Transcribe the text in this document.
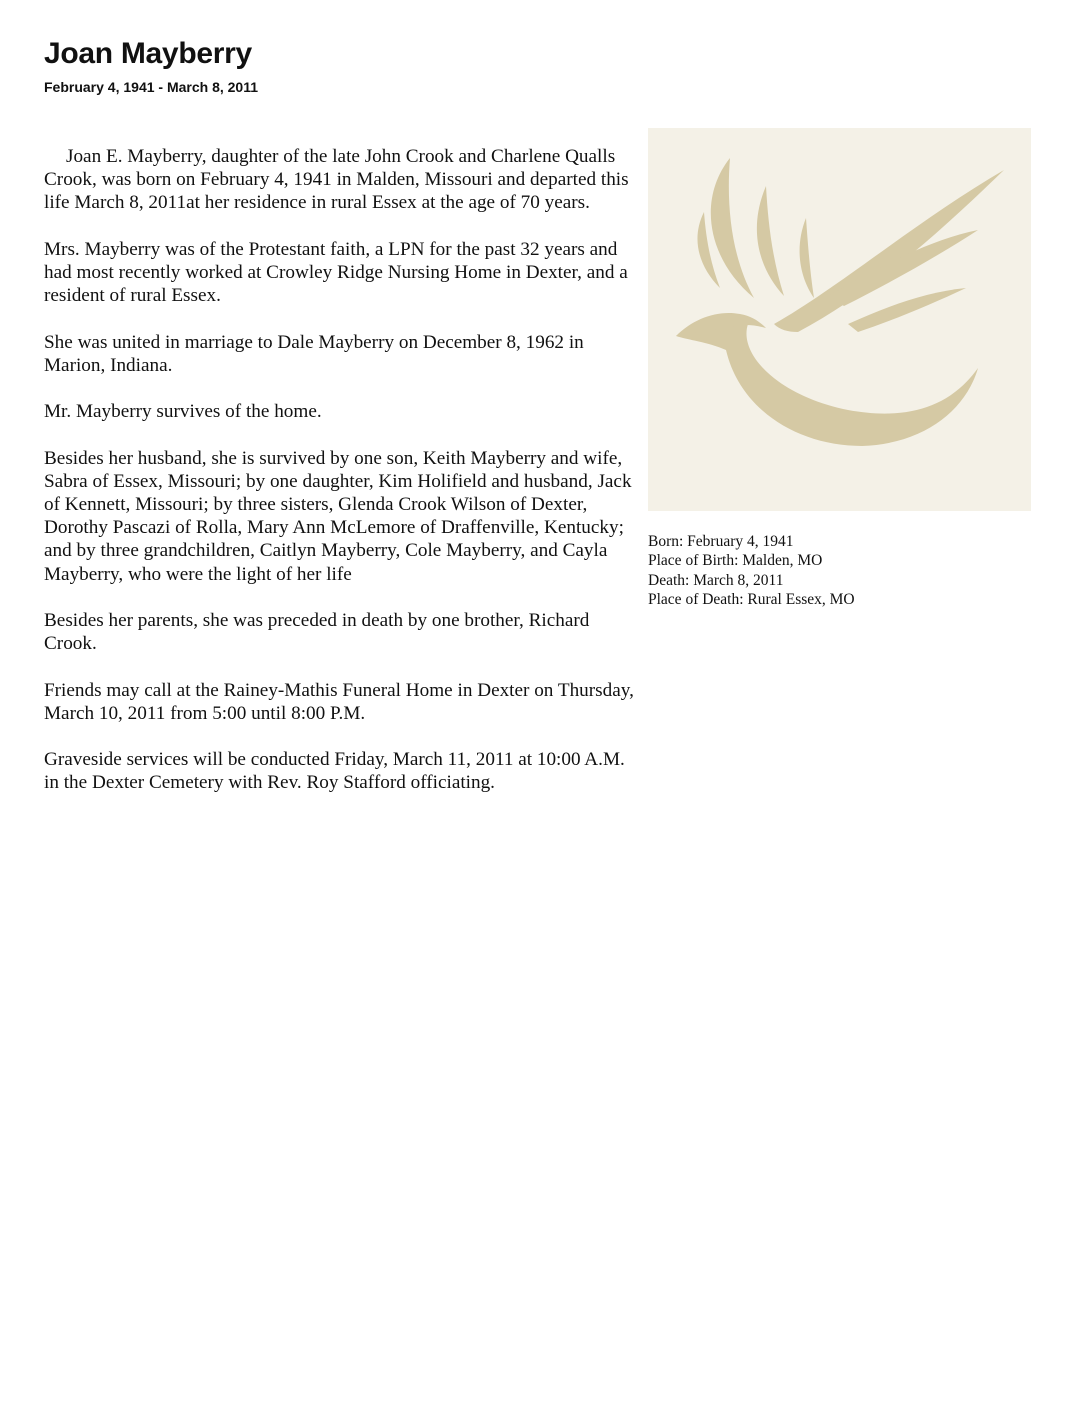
Joan Mayberry
February 4, 1941 - March 8, 2011

Joan E. Mayberry, daughter of the late John Crook and Charlene Qualls Crook, was born on February 4, 1941 in Malden, Missouri and departed this life March 8, 2011at her residence in rural Essex at the age of 70 years.

Mrs. Mayberry was of the Protestant faith, a LPN for the past 32 years and had most recently worked at Crowley Ridge Nursing Home in Dexter, and a resident of rural Essex.

She was united in marriage to Dale Mayberry on December 8, 1962 in Marion, Indiana.

Mr. Mayberry survives of the home.

Besides her husband, she is survived by one son, Keith Mayberry and wife, Sabra of Essex, Missouri; by one daughter, Kim Holifield and husband, Jack of Kennett, Missouri; by three sisters, Glenda Crook Wilson of Dexter, Dorothy Pascazi of Rolla, Mary Ann McLemore of Draffenville, Kentucky; and by three grandchildren, Caitlyn Mayberry, Cole Mayberry, and Cayla Mayberry, who were the light of her life

Besides her parents, she was preceded in death by one brother, Richard Crook.

Friends may call at the Rainey-Mathis Funeral Home in Dexter on Thursday, March 10, 2011 from 5:00 until 8:00 P.M.

Graveside services will be conducted Friday, March 11, 2011 at 10:00 A.M. in the Dexter Cemetery with Rev. Roy Stafford officiating.

Born: February 4, 1941
Place of Birth: Malden, MO
Death: March 8, 2011
Place of Death: Rural Essex, MO
